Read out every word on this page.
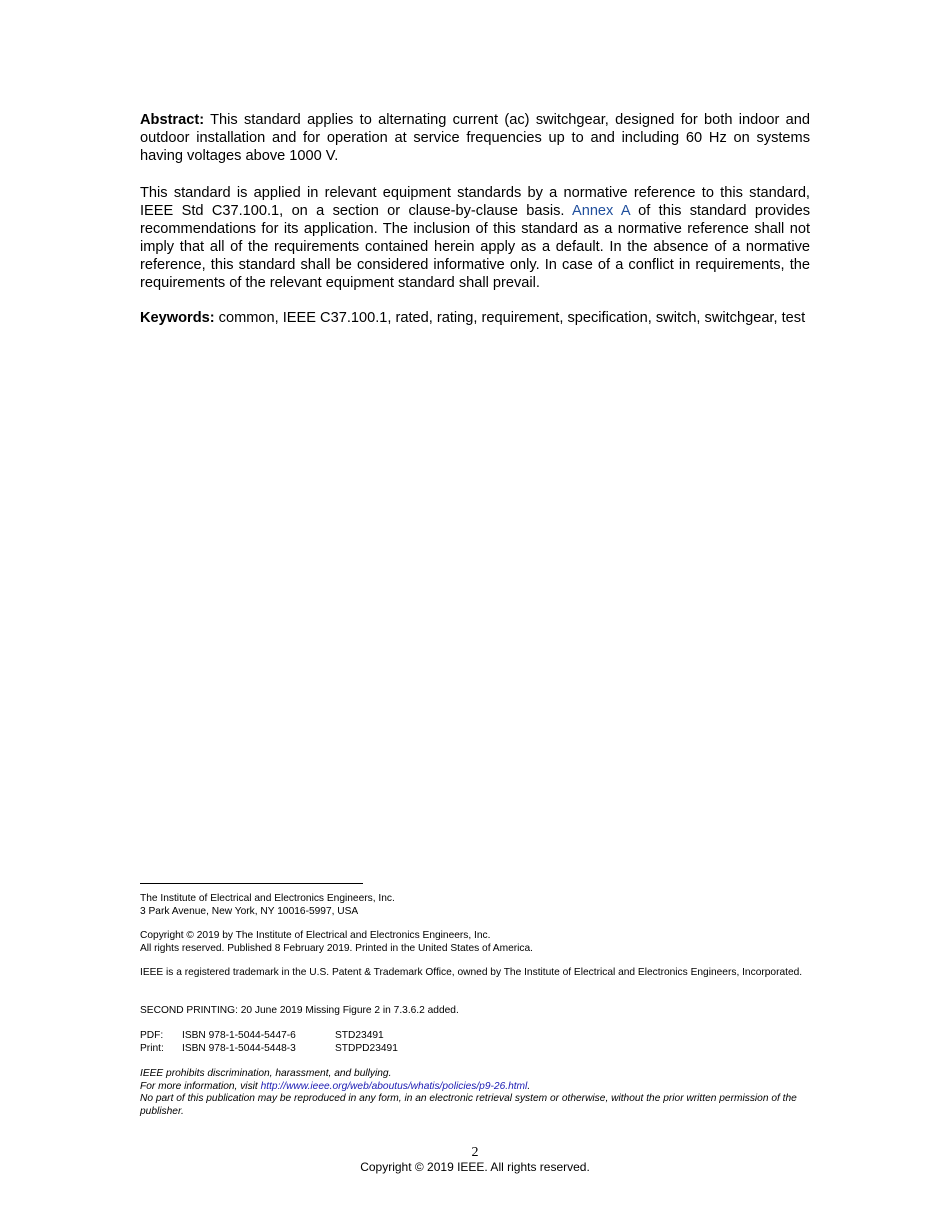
Abstract: This standard applies to alternating current (ac) switchgear, designed for both indoor and outdoor installation and for operation at service frequencies up to and including 60 Hz on systems having voltages above 1000 V.

This standard is applied in relevant equipment standards by a normative reference to this standard, IEEE Std C37.100.1, on a section or clause-by-clause basis. Annex A of this standard provides recommendations for its application. The inclusion of this standard as a normative reference shall not imply that all of the requirements contained herein apply as a default. In the absence of a normative reference, this standard shall be considered informative only. In case of a conflict in requirements, the requirements of the relevant equipment standard shall prevail.

Keywords: common, IEEE C37.100.1, rated, rating, requirement, specification, switch, switchgear, test

The Institute of Electrical and Electronics Engineers, Inc.
3 Park Avenue, New York, NY 10016-5997, USA
Copyright © 2019 by The Institute of Electrical and Electronics Engineers, Inc.
All rights reserved. Published 8 February 2019. Printed in the United States of America.
IEEE is a registered trademark in the U.S. Patent & Trademark Office, owned by The Institute of Electrical and Electronics Engineers, Incorporated.
SECOND PRINTING: 20 June 2019 Missing Figure 2 in 7.3.6.2 added.
PDF: ISBN 978-1-5044-5447-6	STD23491
Print: ISBN 978-1-5044-5448-3	STDPD23491
IEEE prohibits discrimination, harassment, and bullying.
For more information, visit http://www.ieee.org/web/aboutus/whatis/policies/p9-26.html.
No part of this publication may be reproduced in any form, in an electronic retrieval system or otherwise, without the prior written permission of the publisher.
2
Copyright © 2019 IEEE. All rights reserved.
